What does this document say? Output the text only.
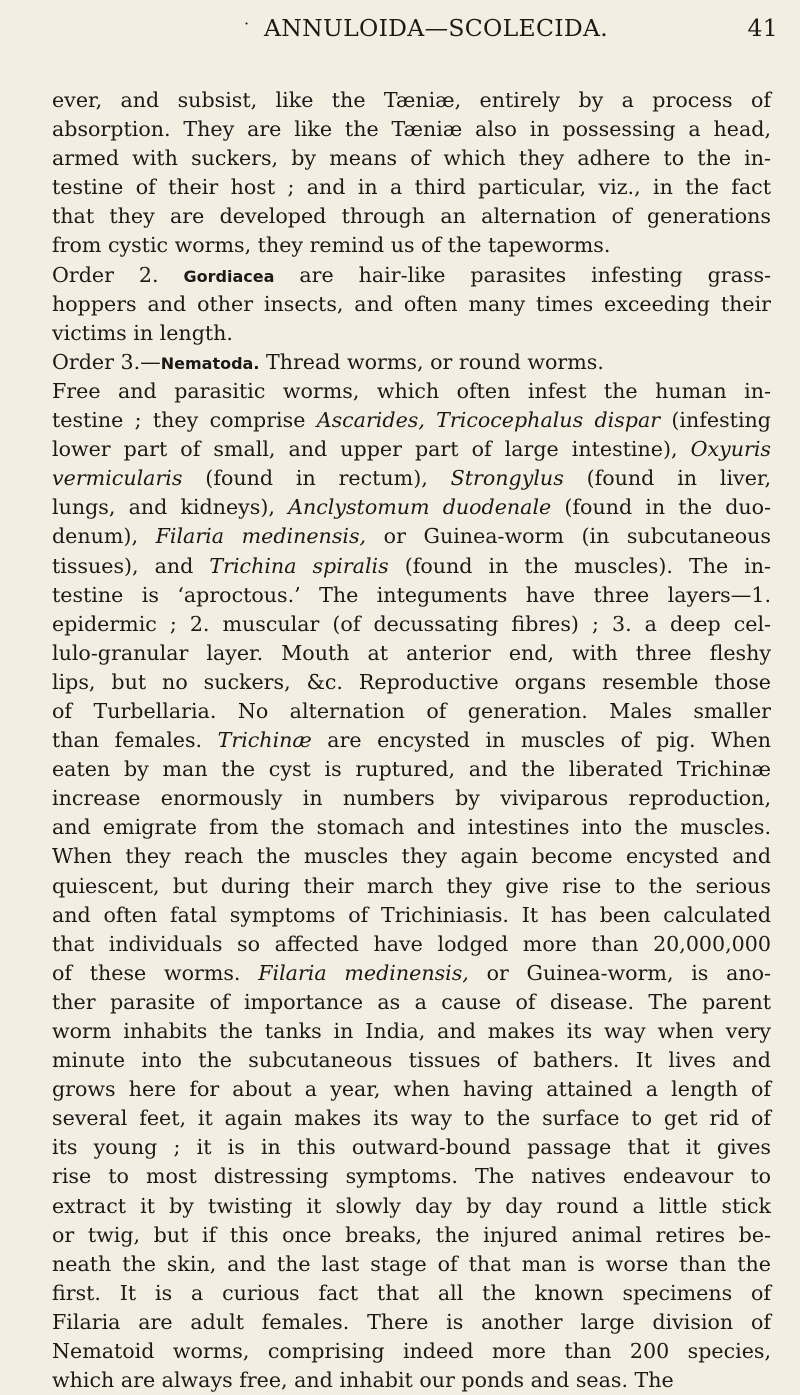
· ANNULOIDA—SCOLECIDA.	41
ever, and subsist, like the Tæniæ, entirely by a process of
absorption. They are like the Tæniæ also in possessing a head,
armed with suckers, by means of which they adhere to the in-
testine of their host ; and in a third particular, viz., in the fact
that they are developed through an alternation of generations
from cystic worms, they remind us of the tapeworms.
Order 2. Gordiacea are hair-like parasites infesting grass-
hoppers and other insects, and often many times exceeding their
victims in length.
Order 3.—Nematoda. Thread worms, or round worms.
Free and parasitic worms, which often infest the human in-
testine ; they comprise Ascarides, Tricocephalus dispar (infesting
lower part of small, and upper part of large intestine), Oxyuris
vermicularis (found in rectum), Strongylus (found in liver,
lungs, and kidneys), Anclystomum duodenale (found in the duo-
denum), Filaria medinensis, or Guinea-worm (in subcutaneous
tissues), and Trichina spiralis (found in the muscles). The in-
testine is ‘aproctous.’ The integuments have three layers—1.
epidermic ; 2. muscular (of decussating fibres) ; 3. a deep cel-
lulo-granular layer. Mouth at anterior end, with three fleshy
lips, but no suckers, &c. Reproductive organs resemble those
of Turbellaria. No alternation of generation. Males smaller
than females. Trichinæ are encysted in muscles of pig. When
eaten by man the cyst is ruptured, and the liberated Trichinæ
increase enormously in numbers by viviparous reproduction,
and emigrate from the stomach and intestines into the muscles.
When they reach the muscles they again become encysted and
quiescent, but during their march they give rise to the serious
and often fatal symptoms of Trichiniasis. It has been calculated
that individuals so affected have lodged more than 20,000,000
of these worms. Filaria medinensis, or Guinea-worm, is ano-
ther parasite of importance as a cause of disease. The parent
worm inhabits the tanks in India, and makes its way when very
minute into the subcutaneous tissues of bathers. It lives and
grows here for about a year, when having attained a length of
several feet, it again makes its way to the surface to get rid of
its young ; it is in this outward-bound passage that it gives
rise to most distressing symptoms. The natives endeavour to
extract it by twisting it slowly day by day round a little stick
or twig, but if this once breaks, the injured animal retires be-
neath the skin, and the last stage of that man is worse than the
first. It is a curious fact that all the known specimens of
Filaria are adult females. There is another large division of
Nematoid worms, comprising indeed more than 200 species,
which are always free, and inhabit our ponds and seas. The
